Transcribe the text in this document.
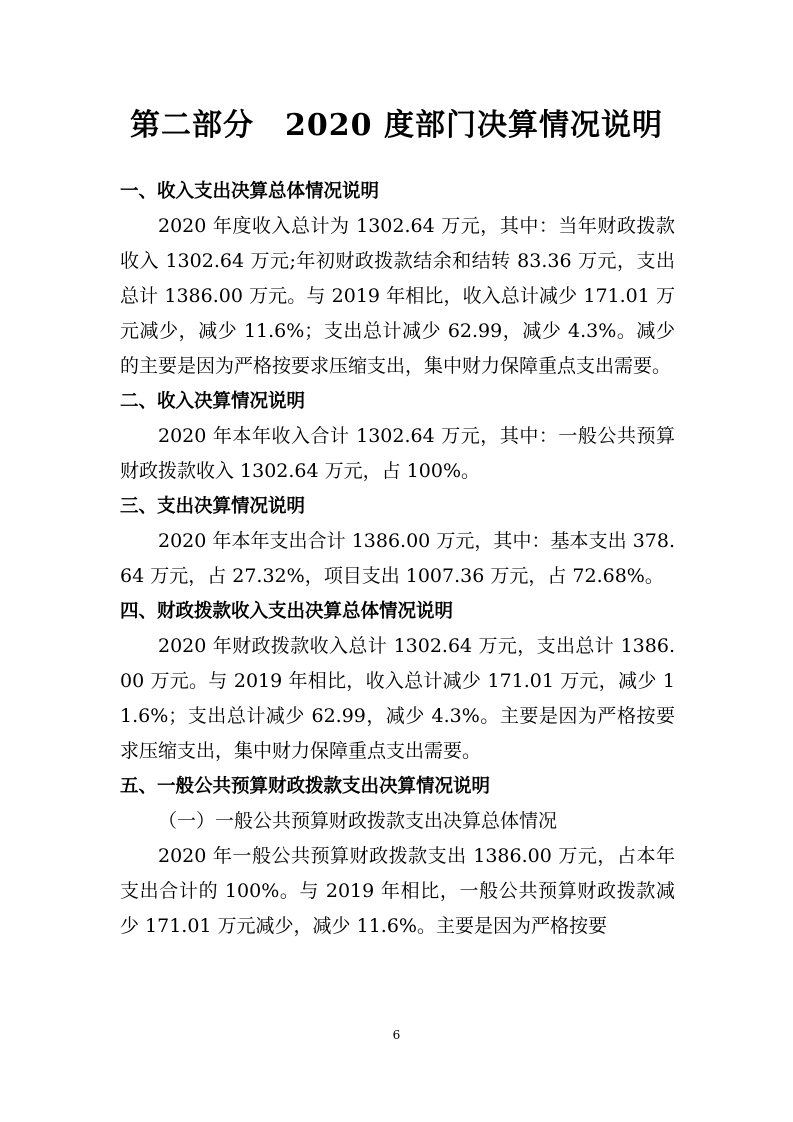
第二部分　2020 度部门决算情况说明

一、收入支出决算总体情况说明

2020 年度收入总计为 1302.64 万元，其中：当年财政拨款收入 1302.64 万元;年初财政拨款结余和结转 83.36 万元，支出总计 1386.00 万元。与 2019 年相比，收入总计减少 171.01 万元减少，减少 11.6%；支出总计减少 62.99，减少 4.3%。减少的主要是因为严格按要求压缩支出，集中财力保障重点支出需要。

二、收入决算情况说明

2020 年本年收入合计 1302.64 万元，其中：一般公共预算财政拨款收入 1302.64 万元，占 100%。

三、支出决算情况说明

2020 年本年支出合计 1386.00 万元，其中：基本支出 378.64 万元，占 27.32%，项目支出 1007.36 万元，占 72.68%。

四、财政拨款收入支出决算总体情况说明

2020 年财政拨款收入总计 1302.64 万元，支出总计 1386.00 万元。与 2019 年相比，收入总计减少 171.01 万元，减少 11.6%；支出总计减少 62.99，减少 4.3%。主要是因为严格按要求压缩支出，集中财力保障重点支出需要。

五、一般公共预算财政拨款支出决算情况说明

（一）一般公共预算财政拨款支出决算总体情况

2020 年一般公共预算财政拨款支出 1386.00 万元，占本年支出合计的 100%。与 2019 年相比，一般公共预算财政拨款减少 171.01 万元减少，减少 11.6%。主要是因为严格按要

6
